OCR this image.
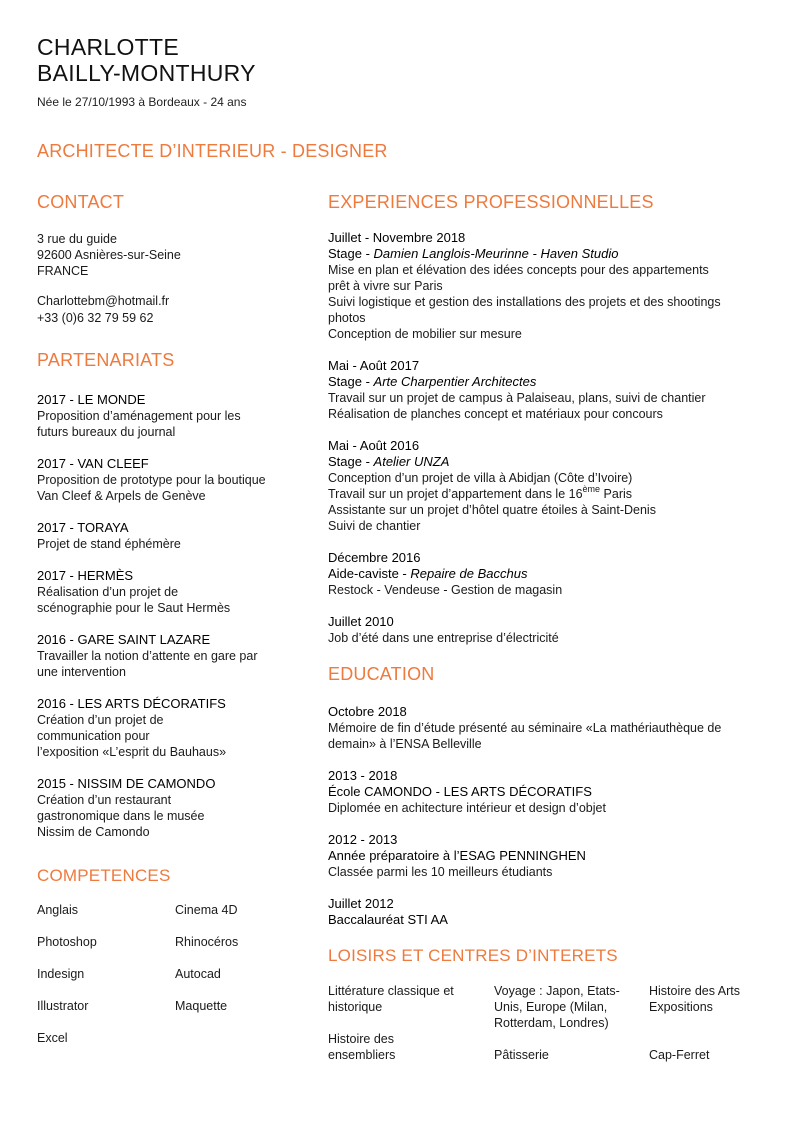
CHARLOTTE
BAILLY-MONTHURY
Née le 27/10/1993 à Bordeaux - 24 ans
ARCHITECTE D’INTERIEUR - DESIGNER
CONTACT
3 rue du guide
92600 Asnières-sur-Seine
FRANCE
Charlottebm@hotmail.fr
+33 (0)6 32 79 59 62
PARTENARIATS
2017 - LE MONDE
Proposition d’aménagement pour les
futurs bureaux du journal
2017 - VAN CLEEF
Proposition de prototype pour la boutique
Van Cleef & Arpels de Genève
2017 - TORAYA
Projet de stand éphémère
2017 - HERMÈS
Réalisation d’un projet de
scénographie pour le Saut Hermès
2016 - GARE SAINT LAZARE
Travailler la notion d’attente en gare par
une intervention
2016 - LES ARTS DÉCORATIFS
Création d’un projet de
communication pour
l’exposition «L’esprit du Bauhaus»
2015 - NISSIM DE CAMONDO
Création d’un restaurant
gastronomique dans le musée
Nissim de Camondo
COMPETENCES
Anglais
Photoshop
Indesign
Illustrator
Excel
Cinema 4D
Rhinocéros
Autocad
Maquette
EXPERIENCES PROFESSIONNELLES
Juillet - Novembre 2018
Stage - Damien Langlois-Meurinne - Haven Studio
Mise en plan et élévation des idées concepts pour des appartements
prêt à vivre sur Paris
Suivi logistique et gestion des installations des projets et des shootings
photos
Conception de mobilier sur mesure
Mai - Août 2017
Stage - Arte Charpentier Architectes
Travail sur un projet de campus à Palaiseau, plans, suivi de chantier
Réalisation de planches concept et matériaux pour concours
Mai - Août 2016
Stage - Atelier UNZA
Conception d’un projet de villa à Abidjan (Côte d’Ivoire)
Travail sur un projet d’appartement dans le 16ème Paris
Assistante sur un projet d’hôtel quatre étoiles à Saint-Denis
Suivi de chantier
Décembre 2016
Aide-caviste - Repaire de Bacchus
Restock - Vendeuse - Gestion de magasin
Juillet 2010
Job d’été dans une entreprise d’électricité
EDUCATION
Octobre 2018
Mémoire de fin d’étude présenté au séminaire «La mathériauthèque de
demain» à l’ENSA Belleville
2013 - 2018
École CAMONDO - LES ARTS DÉCORATIFS
Diplomée en achitecture intérieur et design d’objet
2012 - 2013
Année préparatoire à l’ESAG PENNINGHEN
Classée parmi les 10 meilleurs étudiants
Juillet 2012
Baccalauréat STI AA
LOISIRS ET CENTRES D’INTERETS
Littérature classique et
historique
Histoire des
ensembliers
Voyage : Japon, Etats-
Unis, Europe (Milan,
Rotterdam, Londres)
Pâtisserie
Histoire des Arts
Expositions
Cap-Ferret
